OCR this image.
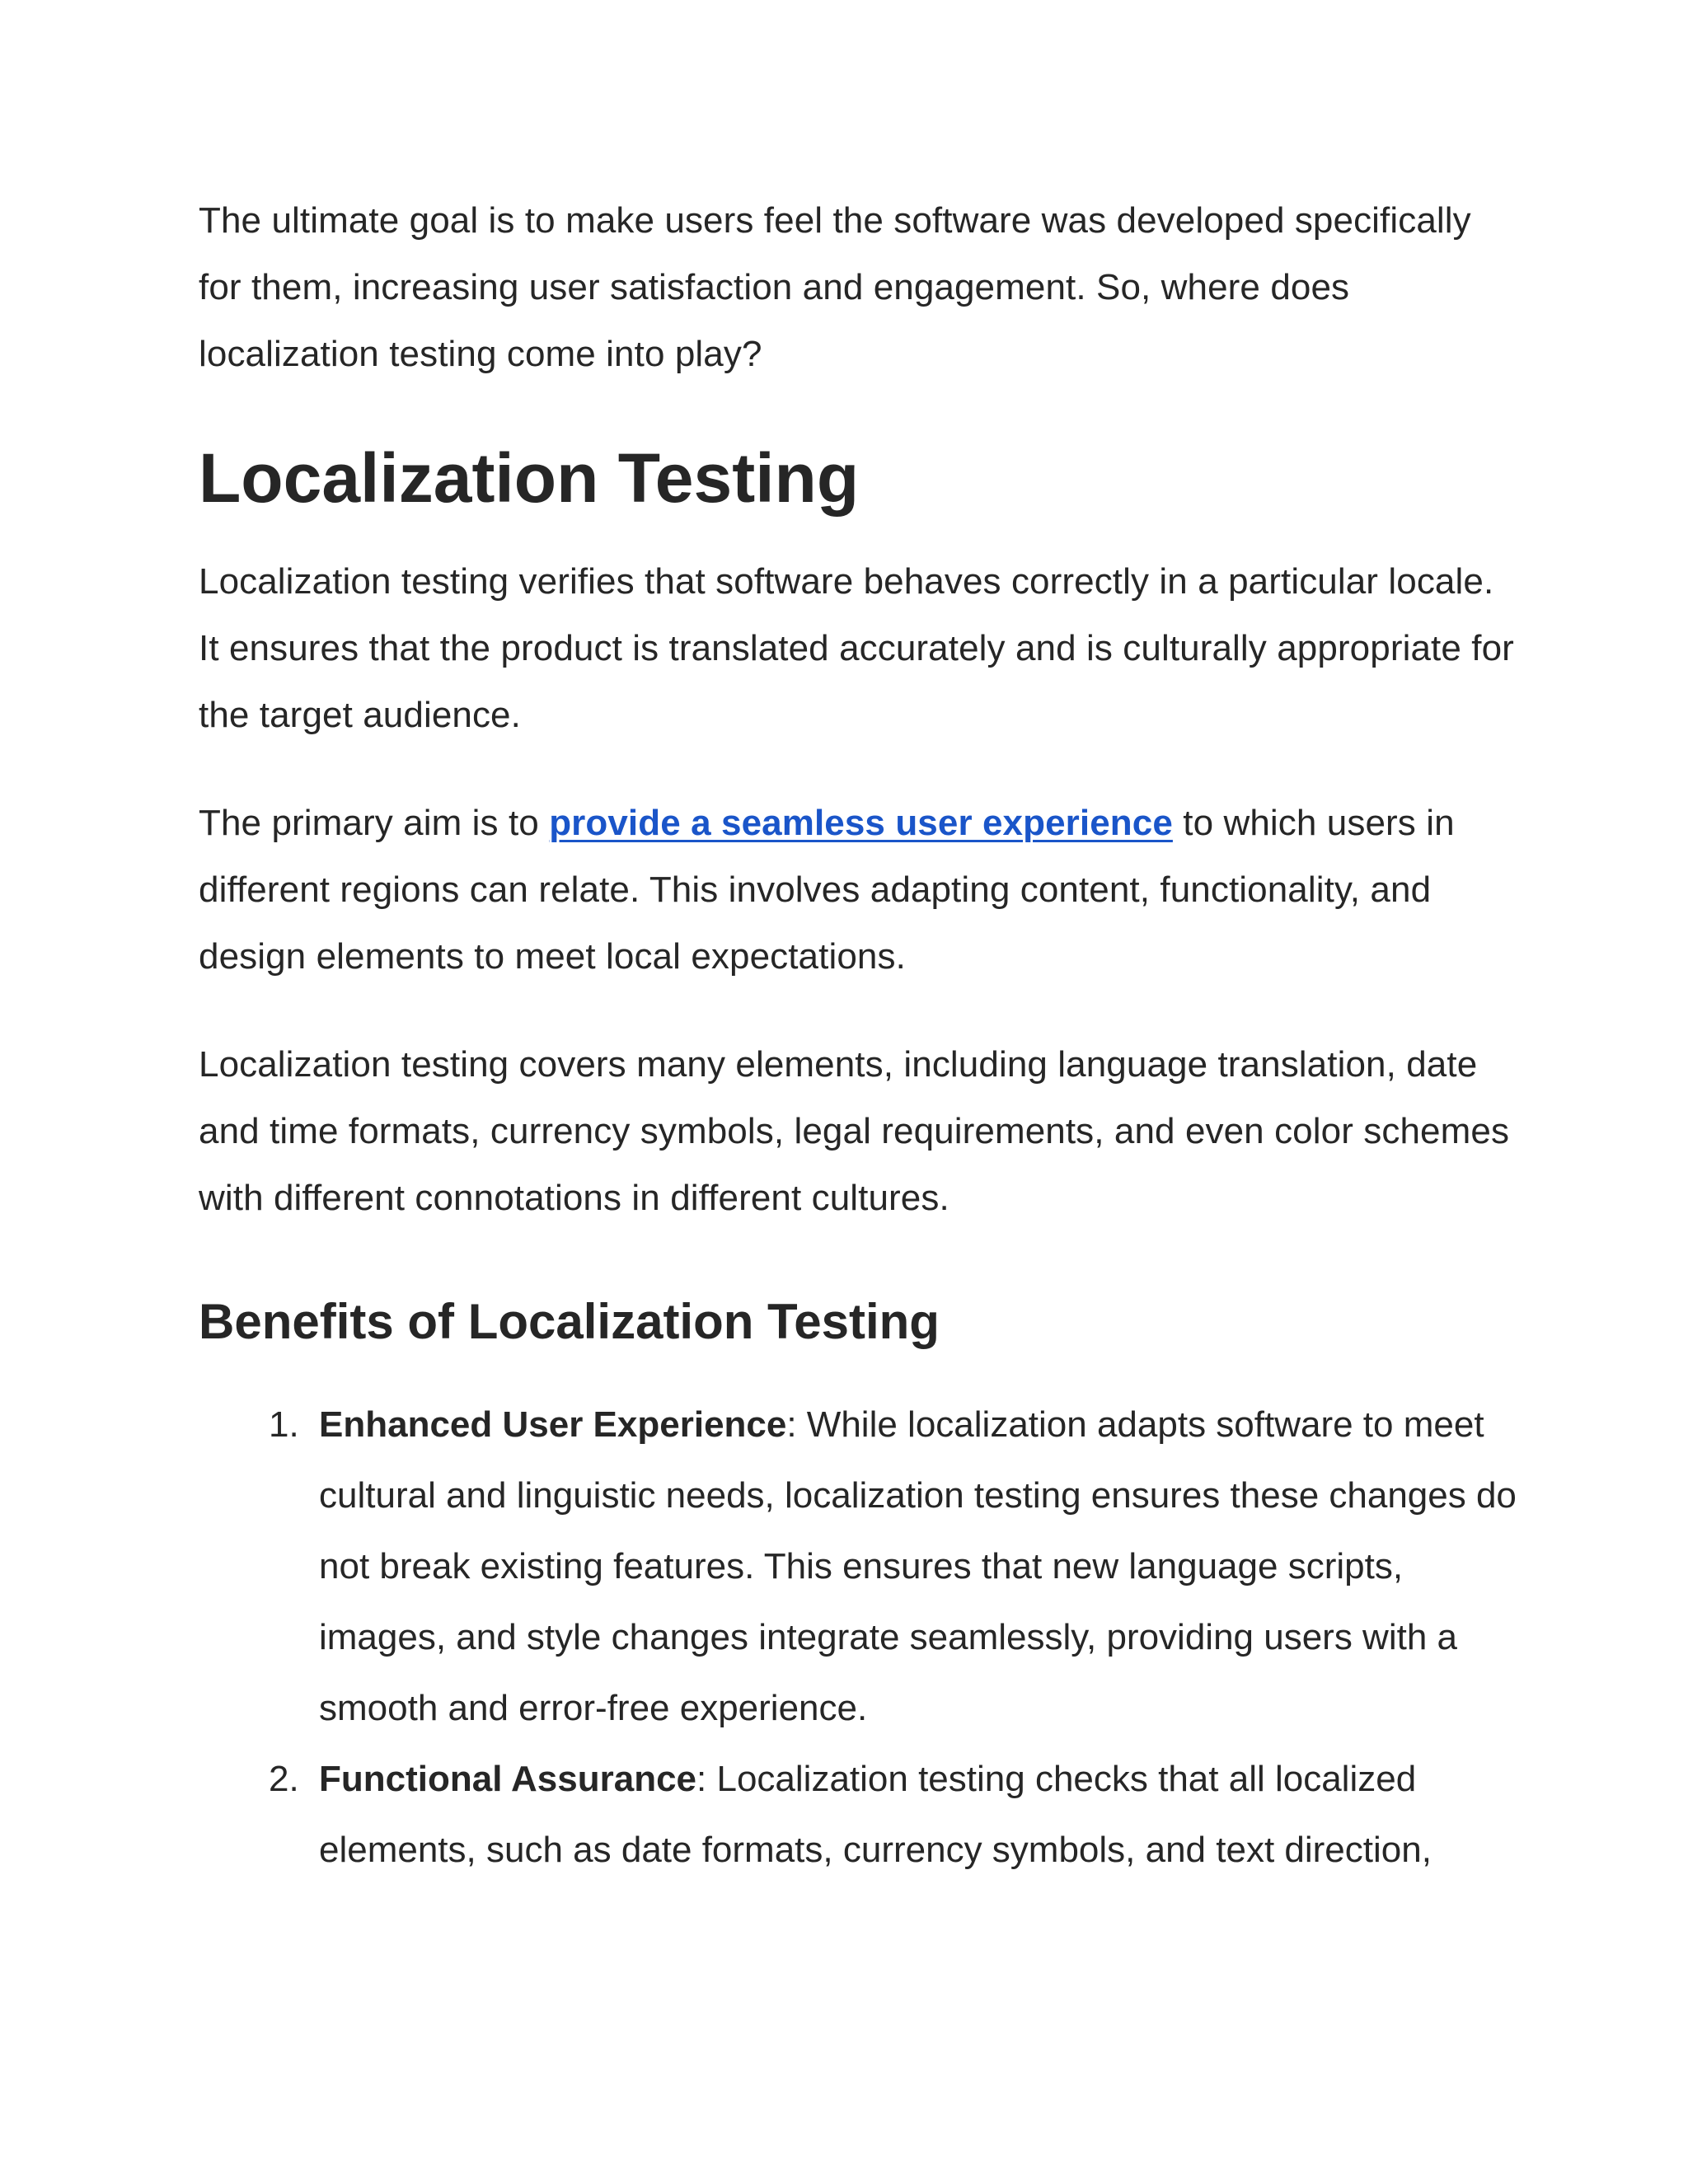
The ultimate goal is to make users feel the software was developed specifically for them, increasing user satisfaction and engagement. So, where does localization testing come into play?

Localization Testing

Localization testing verifies that software behaves correctly in a particular locale. It ensures that the product is translated accurately and is culturally appropriate for the target audience.

The primary aim is to provide a seamless user experience to which users in different regions can relate. This involves adapting content, functionality, and design elements to meet local expectations.

Localization testing covers many elements, including language translation, date and time formats, currency symbols, legal requirements, and even color schemes with different connotations in different cultures.

Benefits of Localization Testing
1. Enhanced User Experience: While localization adapts software to meet cultural and linguistic needs, localization testing ensures these changes do not break existing features. This ensures that new language scripts, images, and style changes integrate seamlessly, providing users with a smooth and error-free experience.
2. Functional Assurance: Localization testing checks that all localized elements, such as date formats, currency symbols, and text direction,
